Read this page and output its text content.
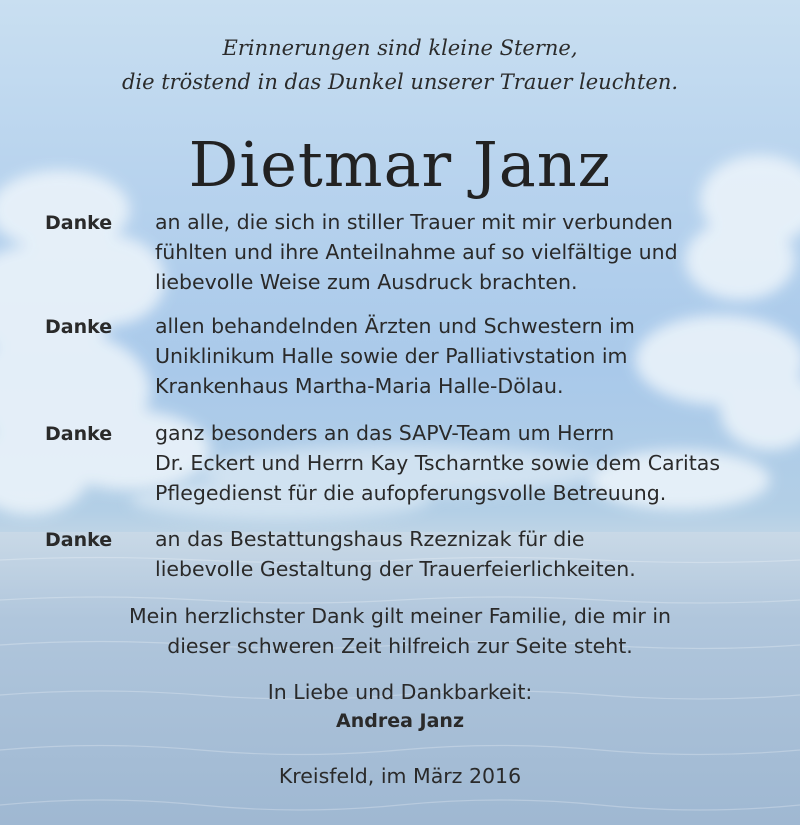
Erinnerungen sind kleine Sterne,
die tröstend in das Dunkel unserer Trauer leuchten.
Dietmar Janz
Danke an alle, die sich in stiller Trauer mit mir verbunden
fühlten und ihre Anteilnahme auf so vielfältige und
liebevolle Weise zum Ausdruck brachten.
Danke allen behandelnden Ärzten und Schwestern im
Uniklinikum Halle sowie der Palliativstation im
Krankenhaus Martha-Maria Halle-Dölau.
Danke ganz besonders an das SAPV-Team um Herrn
Dr. Eckert und Herrn Kay Tscharntke sowie dem Caritas
Pflegedienst für die aufopferungsvolle Betreuung.
Danke an das Bestattungshaus Rzeznizak für die
liebevolle Gestaltung der Trauerfeierlichkeiten.
Mein herzlichster Dank gilt meiner Familie, die mir in
dieser schweren Zeit hilfreich zur Seite steht.
In Liebe und Dankbarkeit:
Andrea Janz
Kreisfeld, im März 2016
